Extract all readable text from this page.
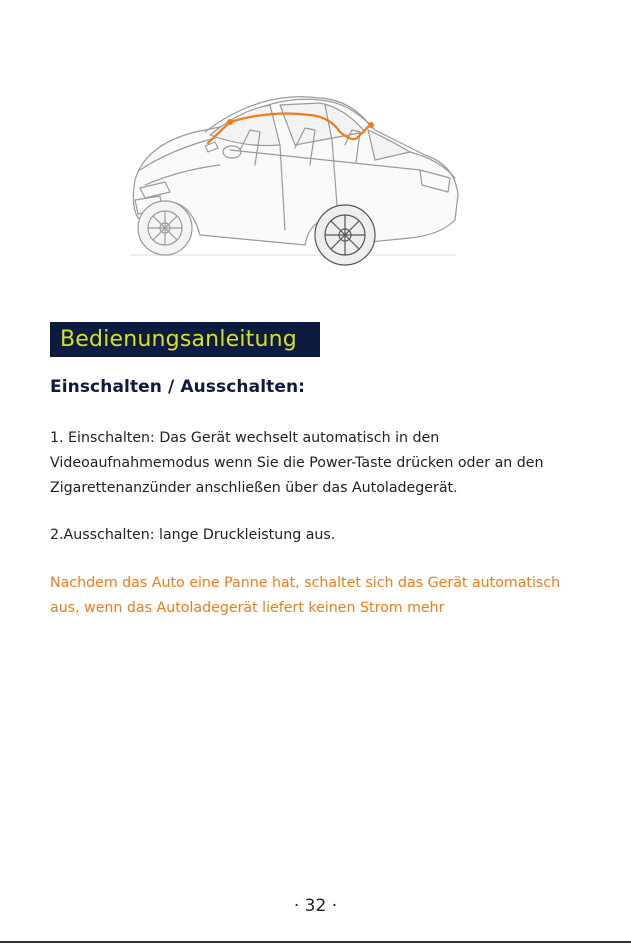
Bedienungsanleitung
Einschalten / Ausschalten:
1. Einschalten: Das Gerät wechselt automatisch in den Videoaufnahmemodus wenn Sie die Power-Taste drücken oder an den Zigarettenanzünder anschließen über das Autoladegerät.
2.Ausschalten: lange Druckleistung aus.
Nachdem das Auto eine Panne hat, schaltet sich das Gerät automatisch aus, wenn das Autoladegerät liefert keinen Strom mehr
· 32 ·
